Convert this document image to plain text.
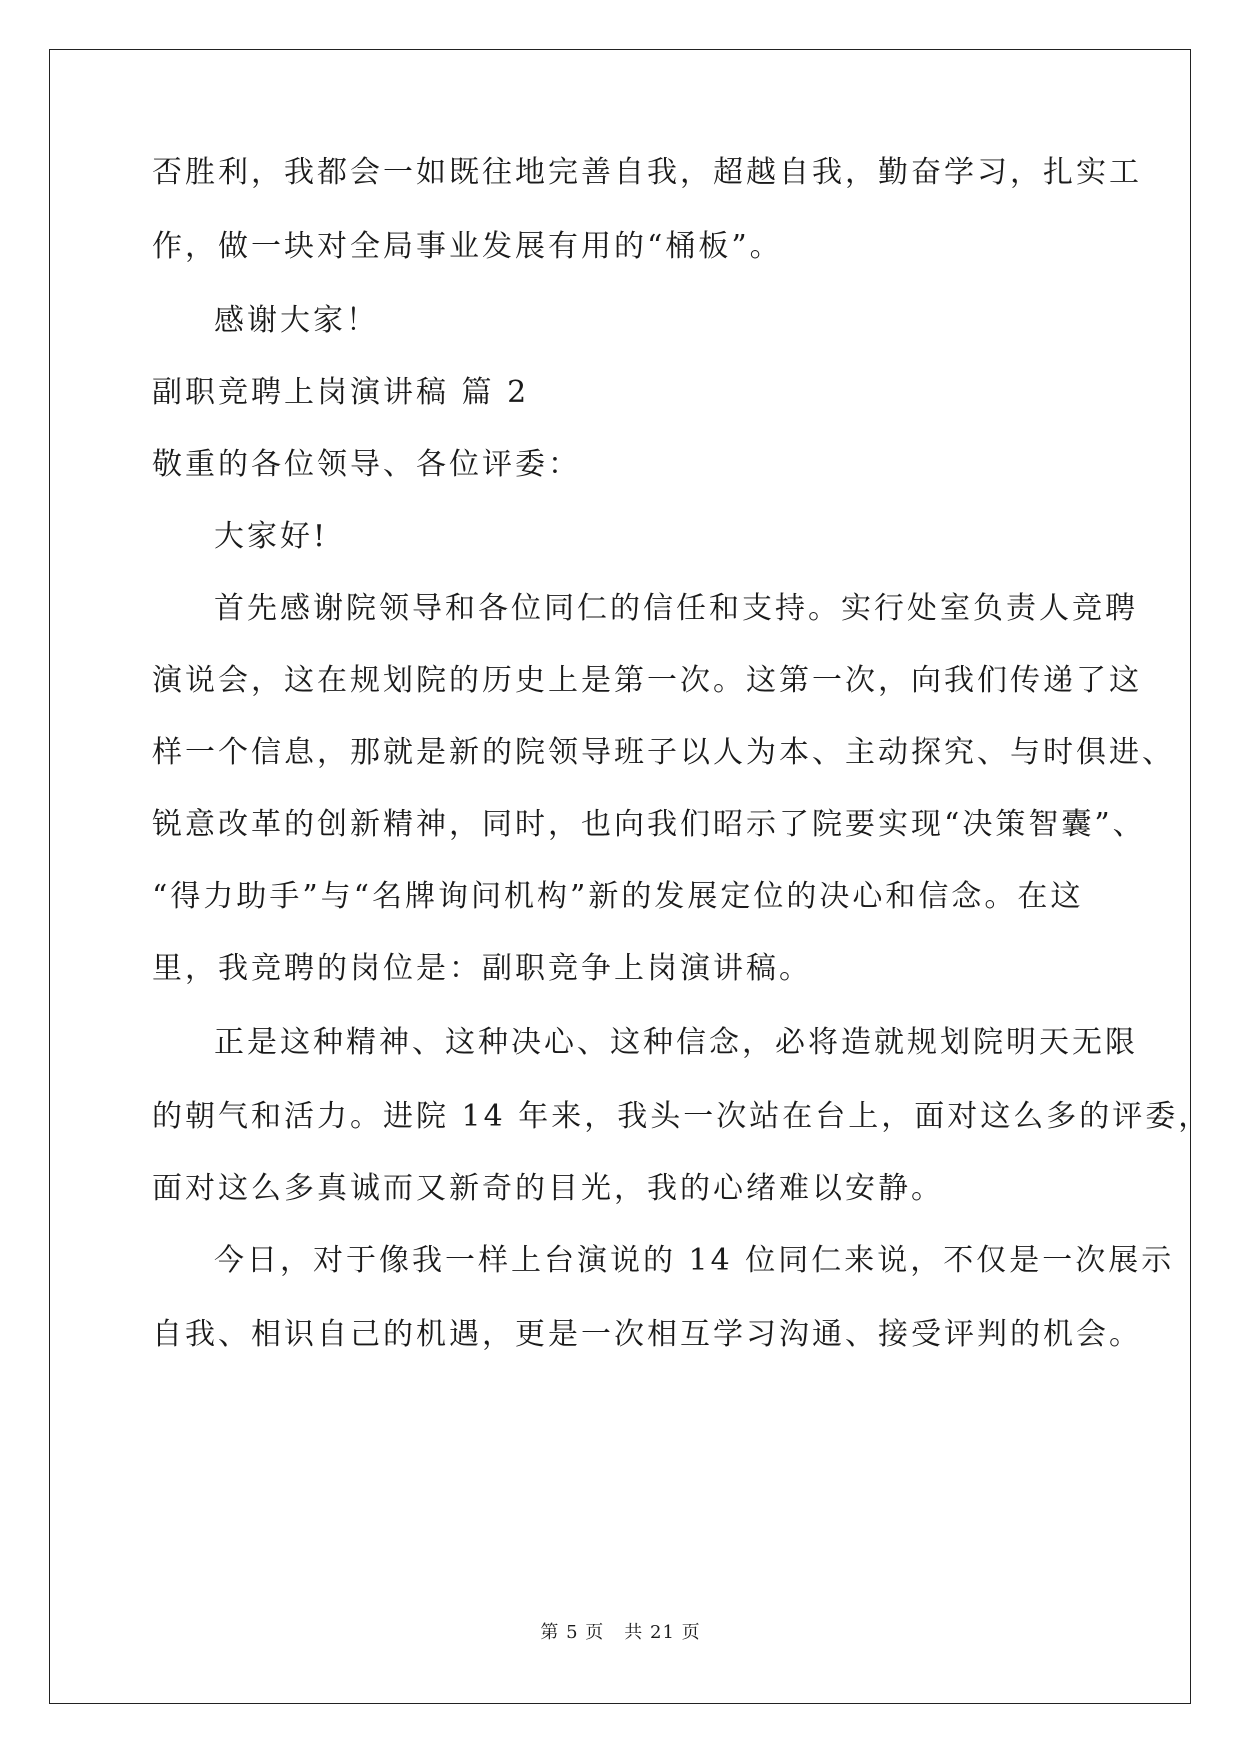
否胜利，我都会一如既往地完善自我，超越自我，勤奋学习，扎实工
作，做一块对全局事业发展有用的“桶板”。
感谢大家！
副职竞聘上岗演讲稿 篇 2
敬重的各位领导、各位评委：
大家好!
首先感谢院领导和各位同仁的信任和支持。实行处室负责人竞聘
演说会，这在规划院的历史上是第一次。这第一次，向我们传递了这
样一个信息，那就是新的院领导班子以人为本、主动探究、与时俱进、
锐意改革的创新精神，同时，也向我们昭示了院要实现“决策智囊”、
“得力助手”与“名牌询问机构”新的发展定位的决心和信念。在这
里，我竞聘的岗位是：副职竞争上岗演讲稿。
正是这种精神、这种决心、这种信念，必将造就规划院明天无限
的朝气和活力。进院 14 年来，我头一次站在台上，面对这么多的评委，
面对这么多真诚而又新奇的目光，我的心绪难以安静。
今日，对于像我一样上台演说的 14 位同仁来说，不仅是一次展示
自我、相识自己的机遇，更是一次相互学习沟通、接受评判的机会。
第 5 页 共 21 页
